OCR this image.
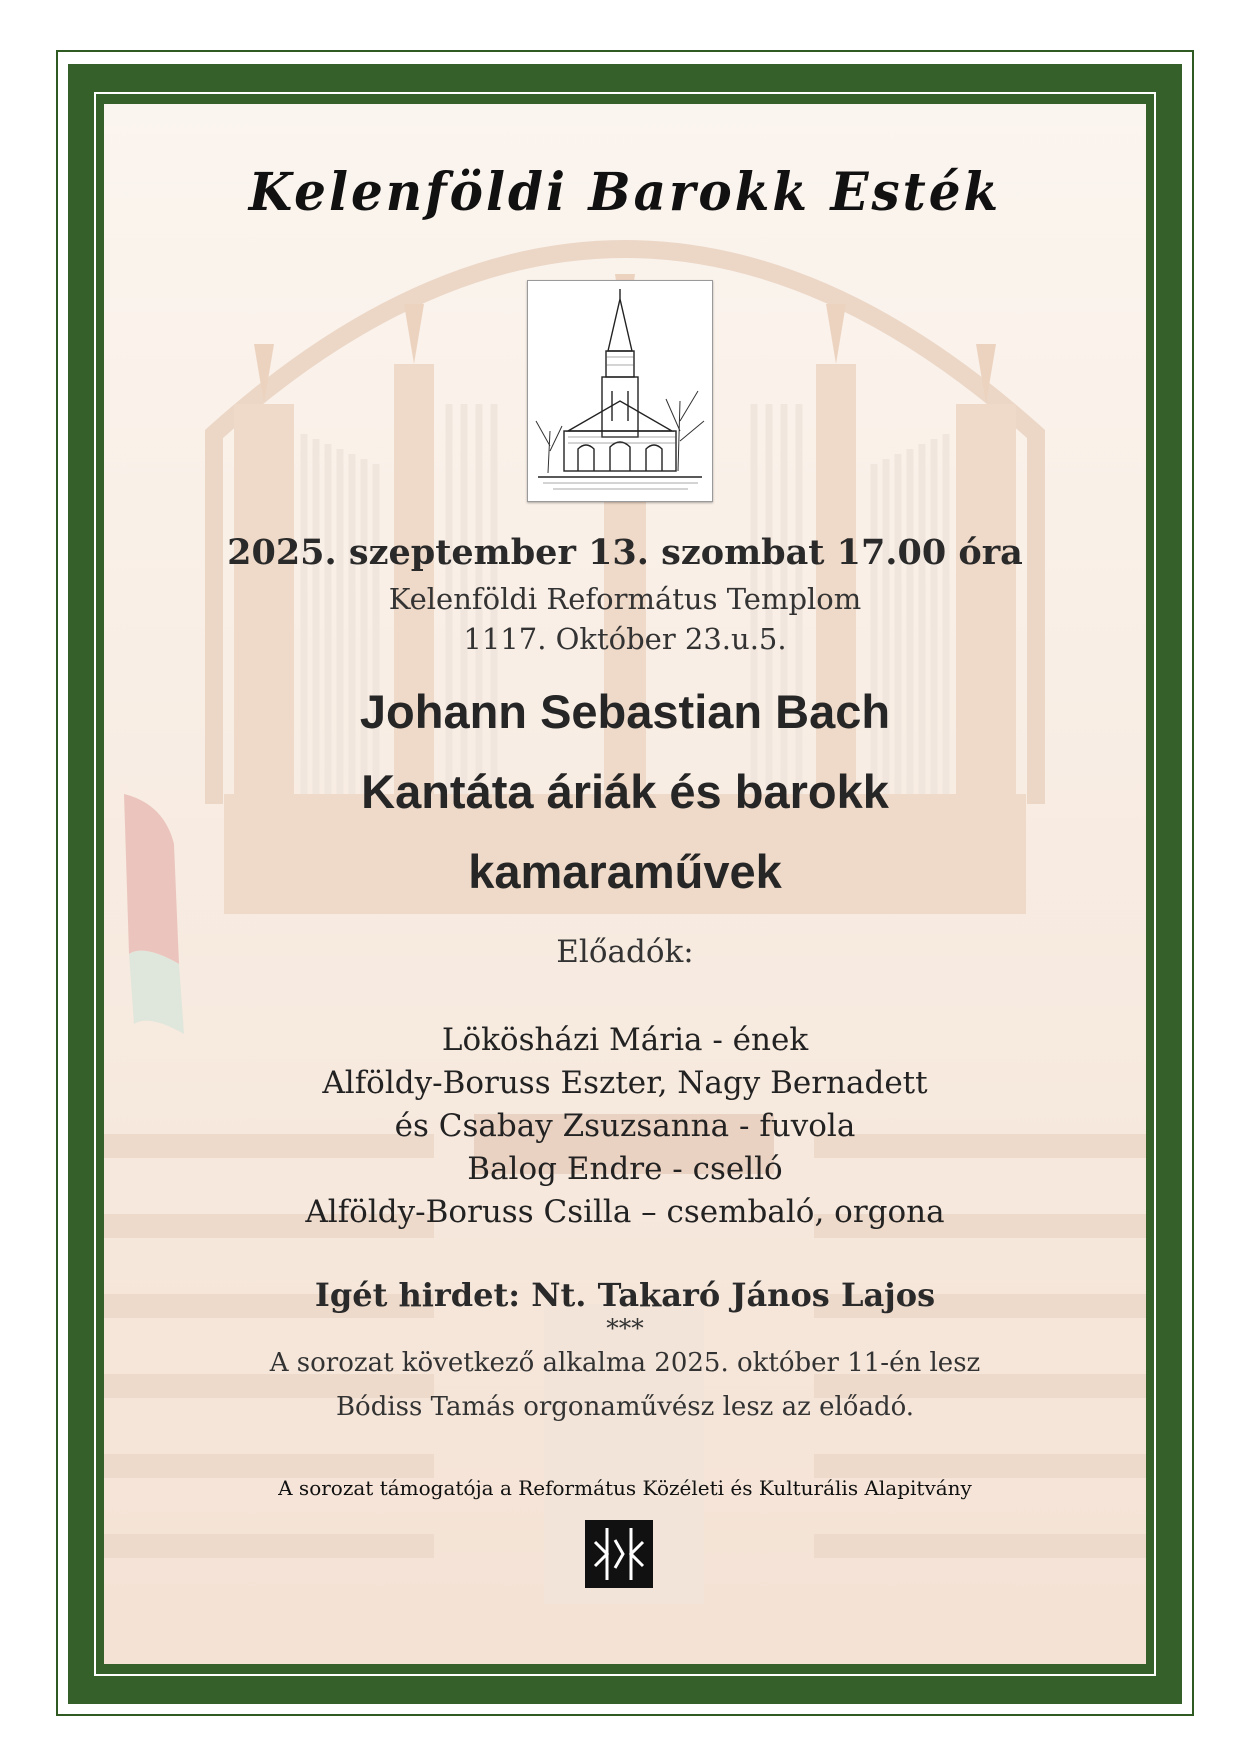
Kelenföldi Barokk Esték
2025. szeptember 13. szombat 17.00 óra
Kelenföldi Református Templom
1117. Október 23.u.5.
Johann Sebastian Bach
Kantáta áriák és barokk
kamaraművek
Előadók:
Lökösházi Mária - ének
Alföldy-Boruss Eszter, Nagy Bernadett
és Csabay Zsuzsanna - fuvola
Balog Endre - cselló
Alföldy-Boruss Csilla – csembaló, orgona
Igét hirdet: Nt. Takaró János Lajos
***
A sorozat következő alkalma 2025. október 11-én lesz
Bódiss Tamás orgonaművész lesz az előadó.
A sorozat támogatója a Református Közéleti és Kulturális Alapitvány
